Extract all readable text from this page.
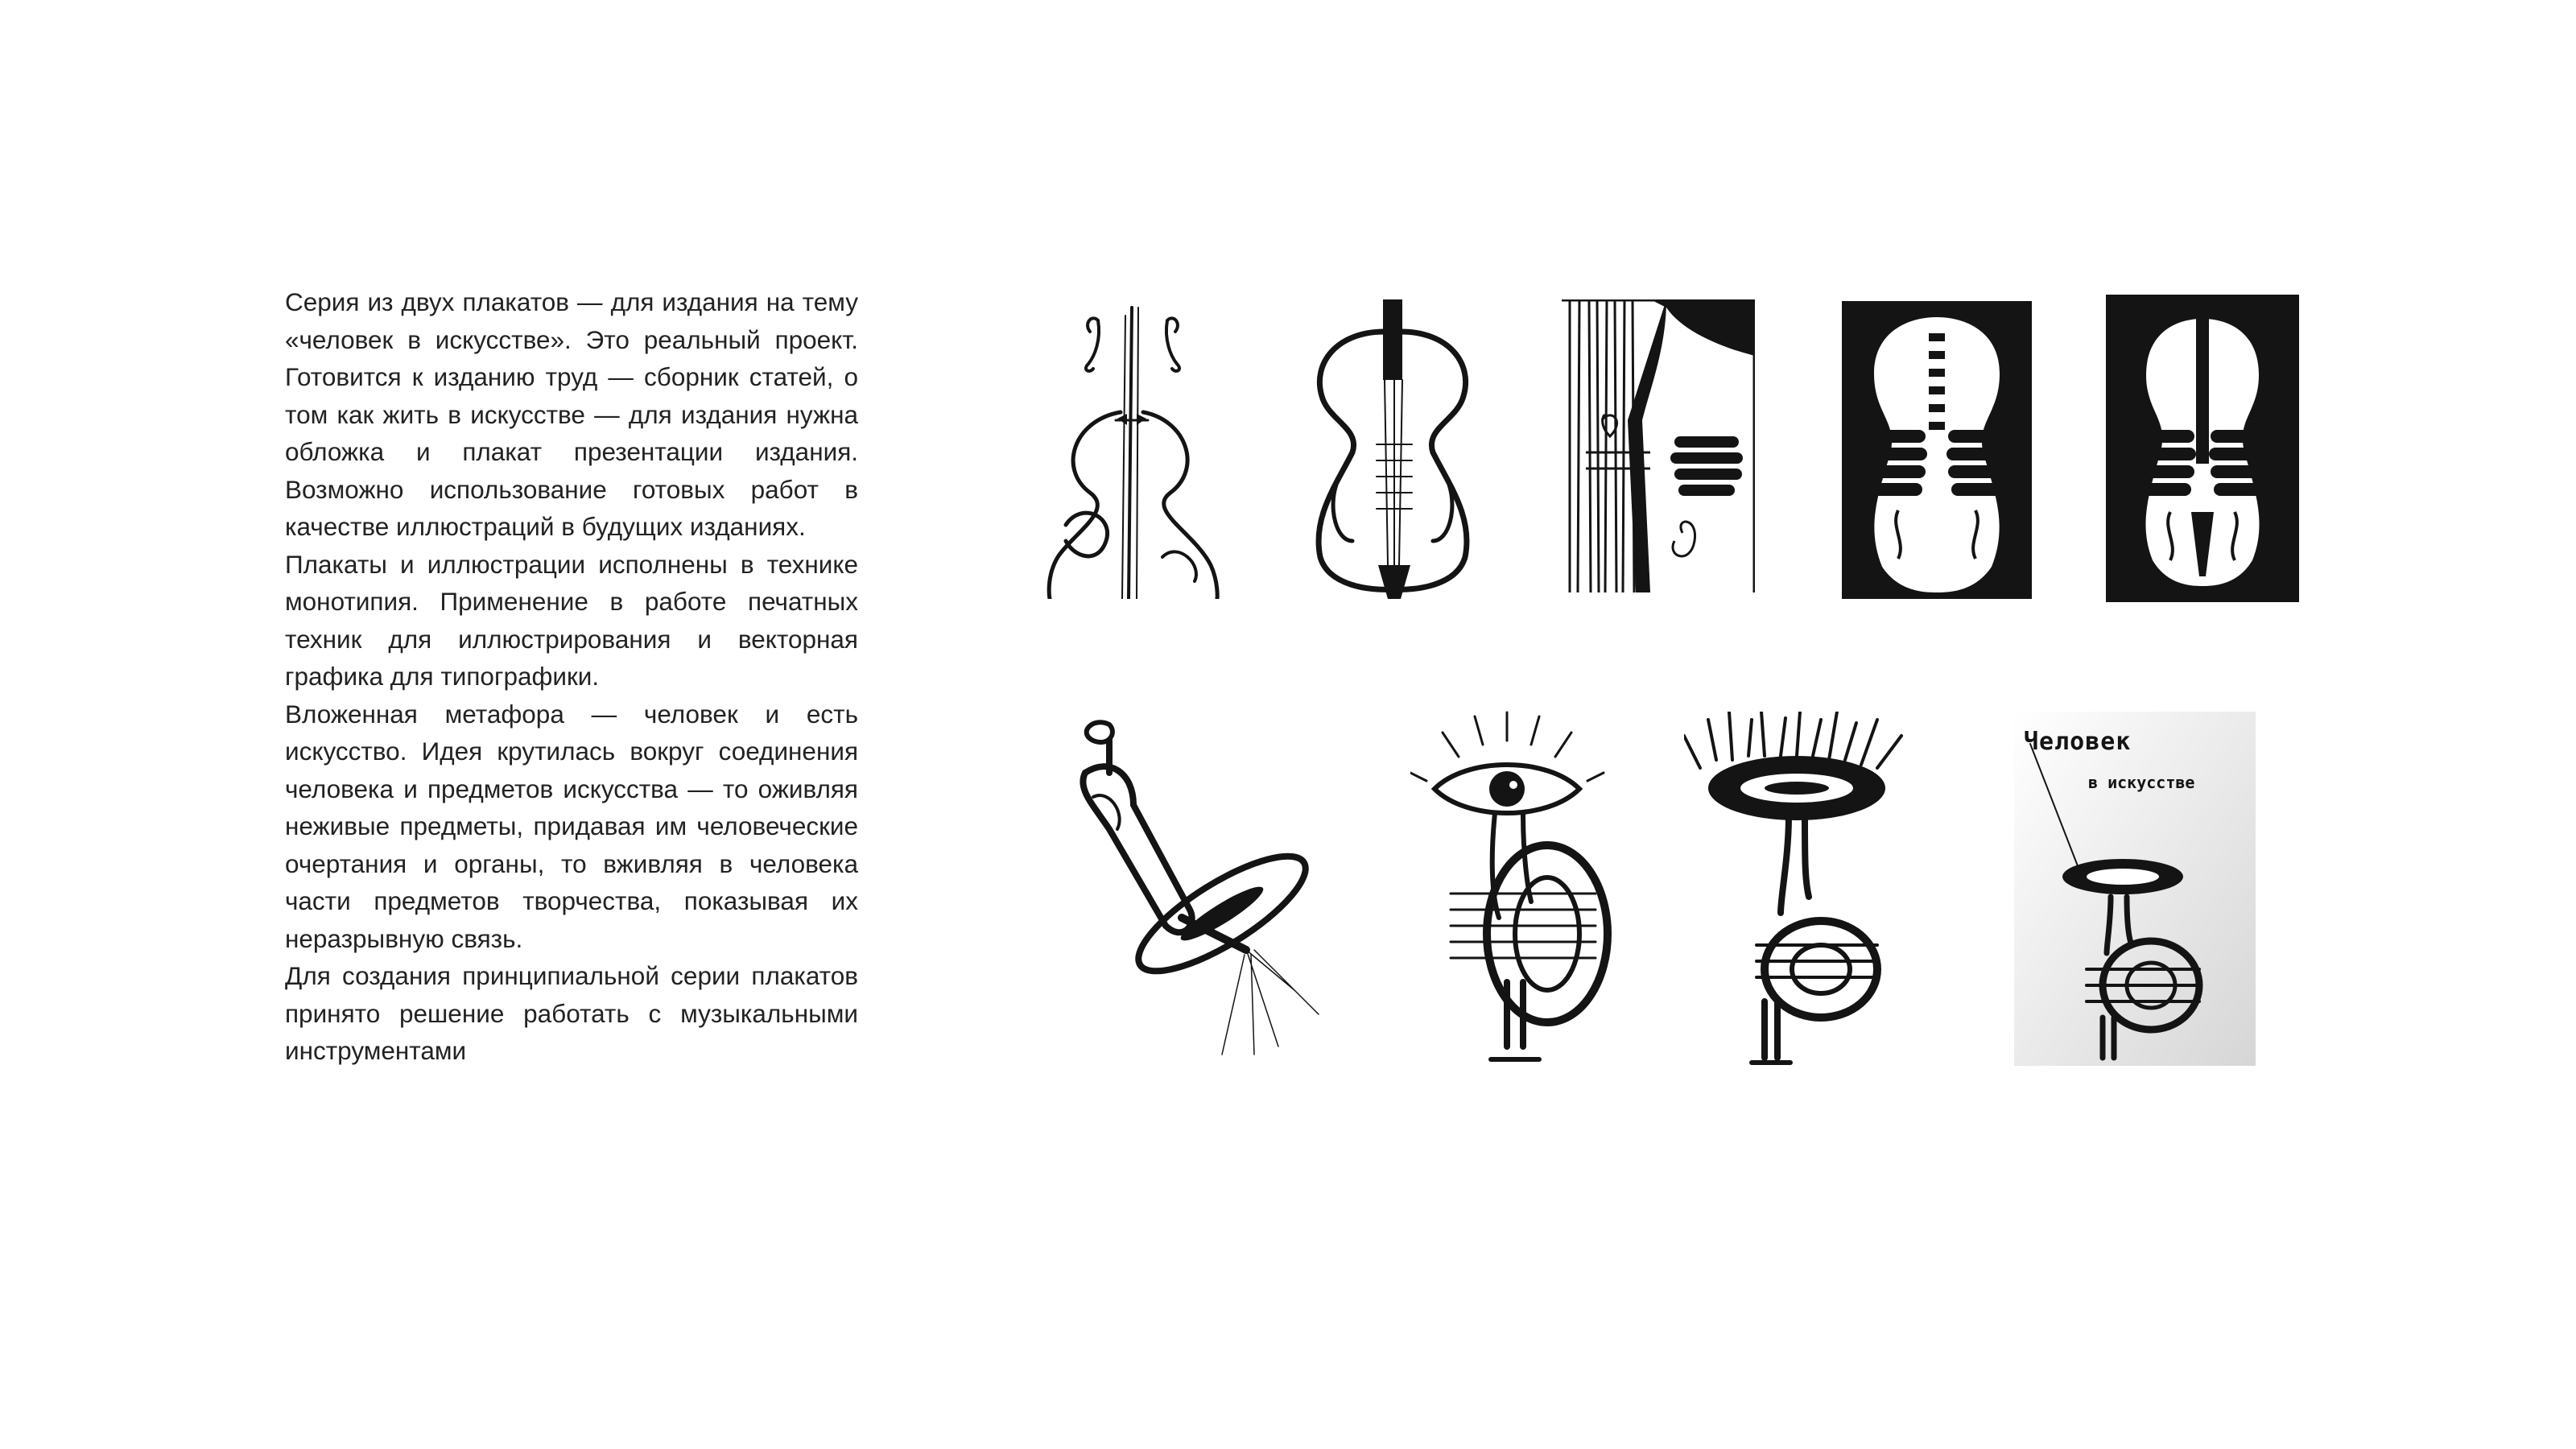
Серия из двух плакатов — для издания на тему «человек в искусстве». Это реальный проект. Готовится к изданию труд — сборник статей, о том как жить в искусстве — для издания нужна обложка и плакат презентации издания. Возможно использование готовых работ в качестве иллюстраций в будущих изданиях.

Плакаты и иллюстрации исполнены в технике монотипия. Применение в работе печатных техник для иллюстрирования и векторная графика для типографики.

Вложенная метафора — человек и есть искусство. Идея крутилась вокруг соединения человека и предметов искусства — то оживляя неживые предметы, придавая им человеческие очертания и органы, то вживляя в человека части предметов творчества, показывая их неразрывную связь.

Для создания принципиальной серии плакатов принято решение работать с музыкальными инструментами

Человек
в искусстве
